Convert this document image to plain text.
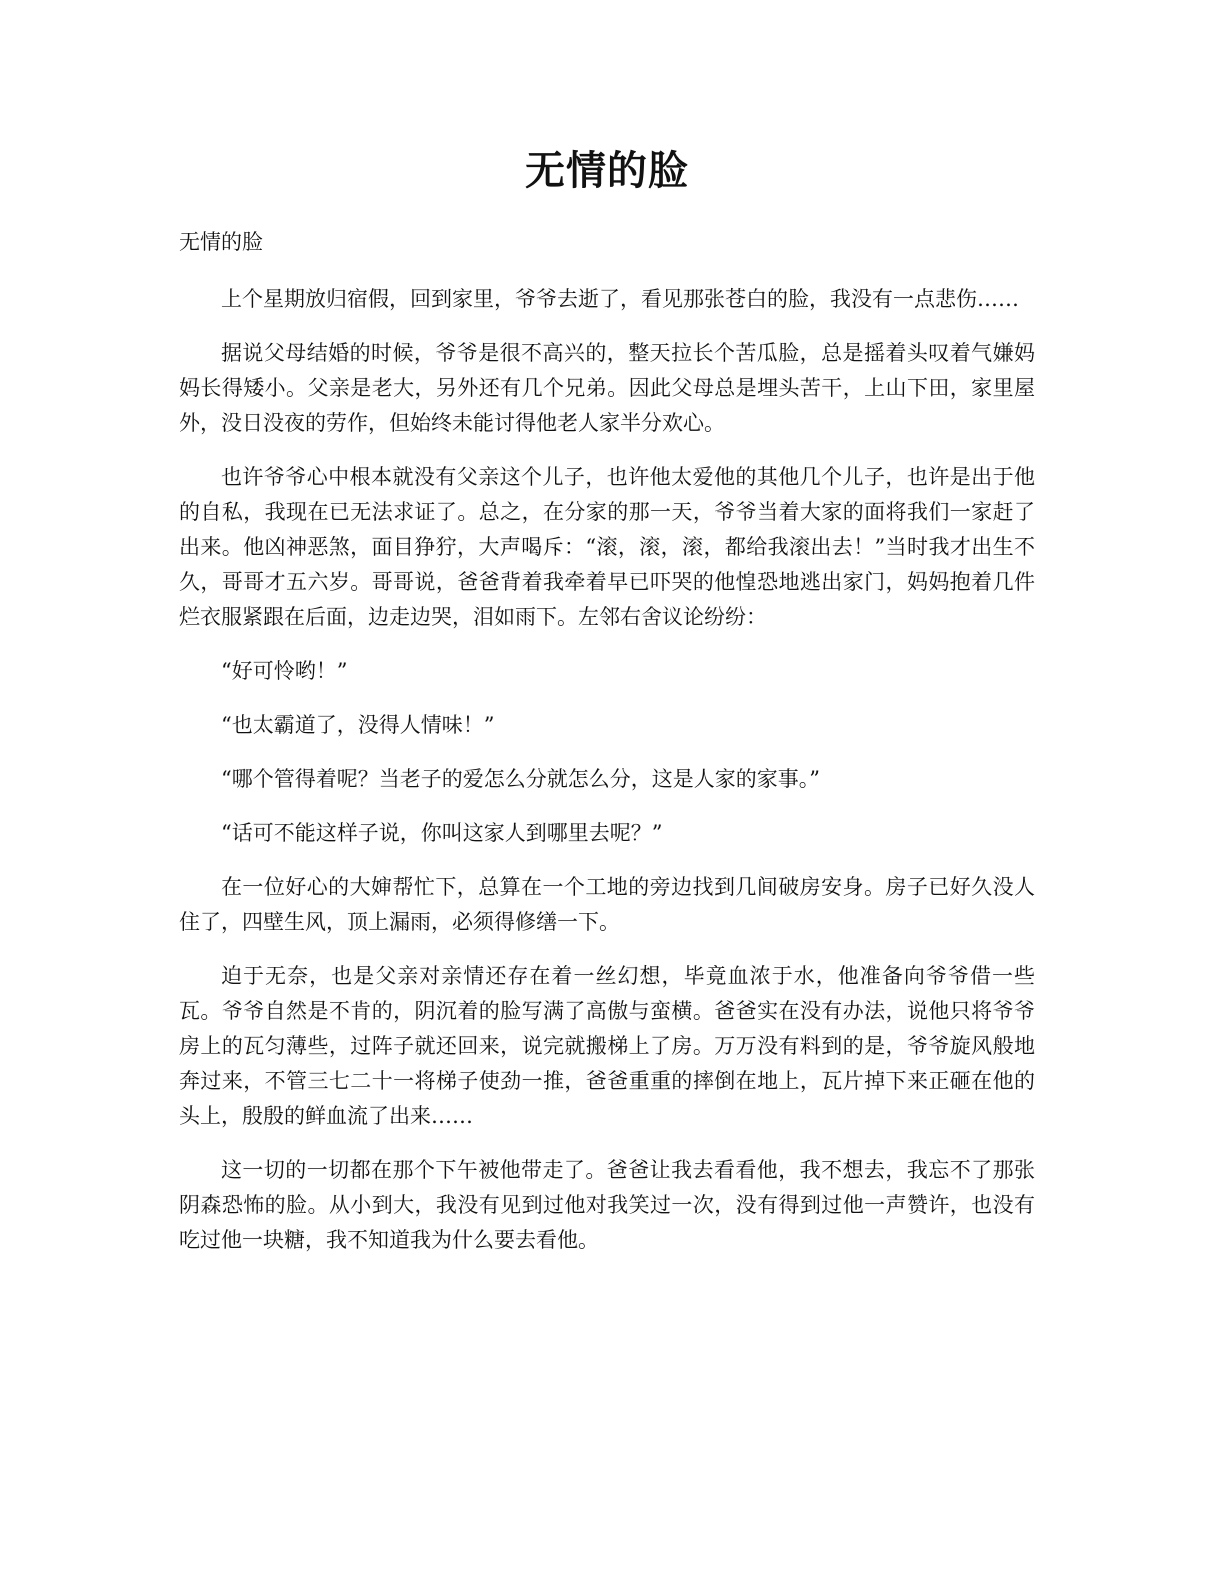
无情的脸

无情的脸

上个星期放归宿假，回到家里，爷爷去逝了，看见那张苍白的脸，我没有一点悲伤……

据说父母结婚的时候，爷爷是很不高兴的，整天拉长个苦瓜脸，总是摇着头叹着气嫌妈妈长得矮小。父亲是老大，另外还有几个兄弟。因此父母总是埋头苦干，上山下田，家里屋外，没日没夜的劳作，但始终未能讨得他老人家半分欢心。

也许爷爷心中根本就没有父亲这个儿子，也许他太爱他的其他几个儿子，也许是出于他的自私，我现在已无法求证了。总之，在分家的那一天，爷爷当着大家的面将我们一家赶了出来。他凶神恶煞，面目狰狞，大声喝斥：“滚，滚，滚，都给我滚出去！”当时我才出生不久，哥哥才五六岁。哥哥说，爸爸背着我牵着早已吓哭的他惶恐地逃出家门，妈妈抱着几件烂衣服紧跟在后面，边走边哭，泪如雨下。左邻右舍议论纷纷：

“好可怜哟！”

“也太霸道了，没得人情味！”

“哪个管得着呢？当老子的爱怎么分就怎么分，这是人家的家事。”

“话可不能这样子说，你叫这家人到哪里去呢？”

在一位好心的大婶帮忙下，总算在一个工地的旁边找到几间破房安身。房子已好久没人住了，四壁生风，顶上漏雨，必须得修缮一下。

迫于无奈，也是父亲对亲情还存在着一丝幻想，毕竟血浓于水，他准备向爷爷借一些瓦。爷爷自然是不肯的，阴沉着的脸写满了高傲与蛮横。爸爸实在没有办法，说他只将爷爷房上的瓦匀薄些，过阵子就还回来，说完就搬梯上了房。万万没有料到的是，爷爷旋风般地奔过来，不管三七二十一将梯子使劲一推，爸爸重重的摔倒在地上，瓦片掉下来正砸在他的头上，殷殷的鲜血流了出来……

这一切的一切都在那个下午被他带走了。爸爸让我去看看他，我不想去，我忘不了那张阴森恐怖的脸。从小到大，我没有见到过他对我笑过一次，没有得到过他一声赞许，也没有吃过他一块糖，我不知道我为什么要去看他。
